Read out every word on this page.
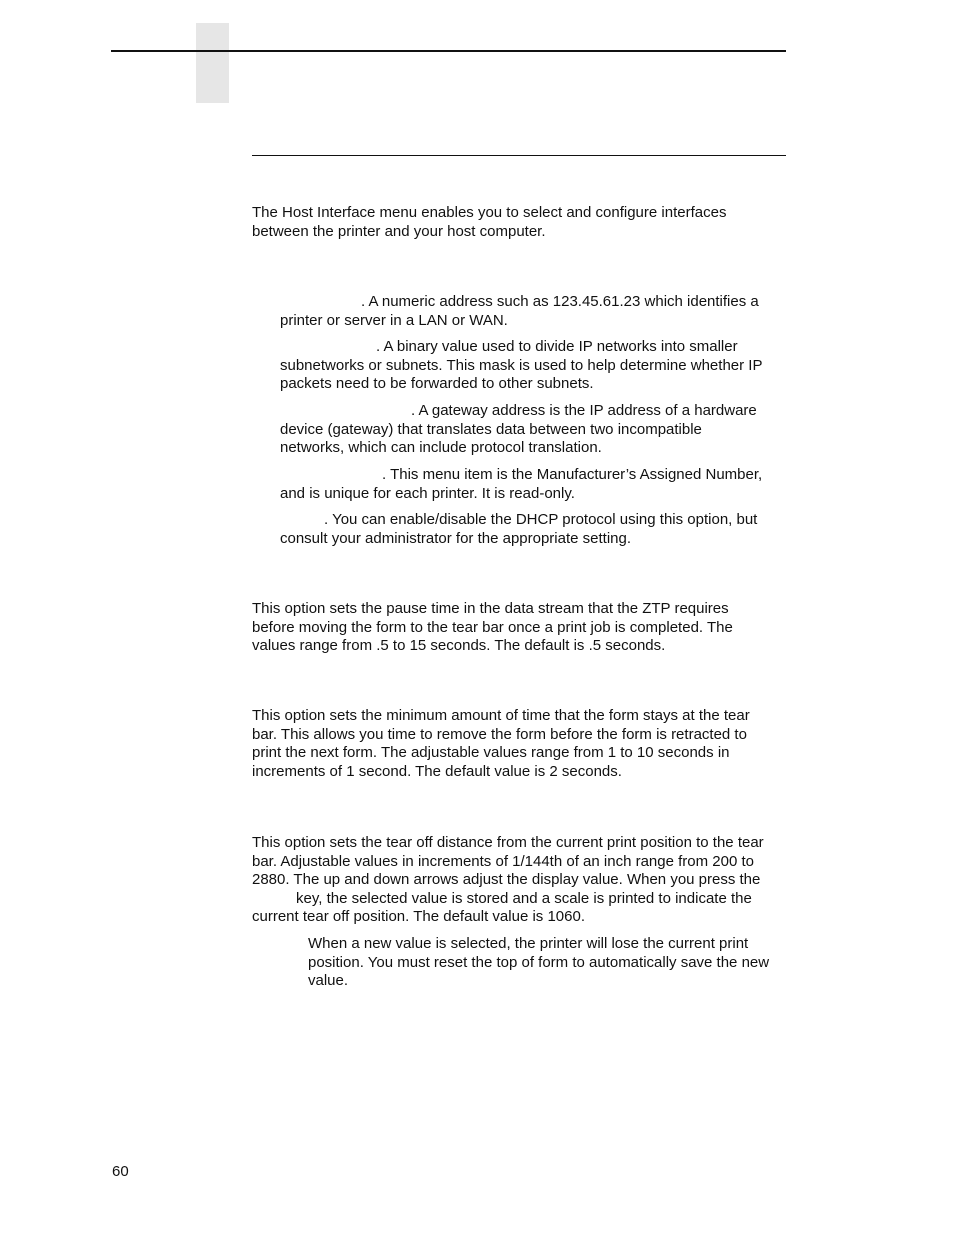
The Host Interface menu enables you to select and configure interfaces
between the printer and your host computer.

. A numeric address such as 123.45.61.23 which identifies a
printer or server in a LAN or WAN.

. A binary value used to divide IP networks into smaller
subnetworks or subnets. This mask is used to help determine whether IP
packets need to be forwarded to other subnets.

. A gateway address is the IP address of a hardware
device (gateway) that translates data between two incompatible
networks, which can include protocol translation.

. This menu item is the Manufacturer’s Assigned Number,
and is unique for each printer. It is read-only.

. You can enable/disable the DHCP protocol using this option, but
consult your administrator for the appropriate setting.

This option sets the pause time in the data stream that the ZTP requires
before moving the form to the tear bar once a print job is completed. The
values range from .5 to 15 seconds. The default is .5 seconds.

This option sets the minimum amount of time that the form stays at the tear
bar. This allows you time to remove the form before the form is retracted to
print the next form. The adjustable values range from 1 to 10 seconds in
increments of 1 second. The default value is 2 seconds.

This option sets the tear off distance from the current print position to the tear
bar. Adjustable values in increments of 1/144th of an inch range from 200 to
2880. The up and down arrows adjust the display value. When you press the
key, the selected value is stored and a scale is printed to indicate the
current tear off position. The default value is 1060.

When a new value is selected, the printer will lose the current print
position. You must reset the top of form to automatically save the new
value.

60
